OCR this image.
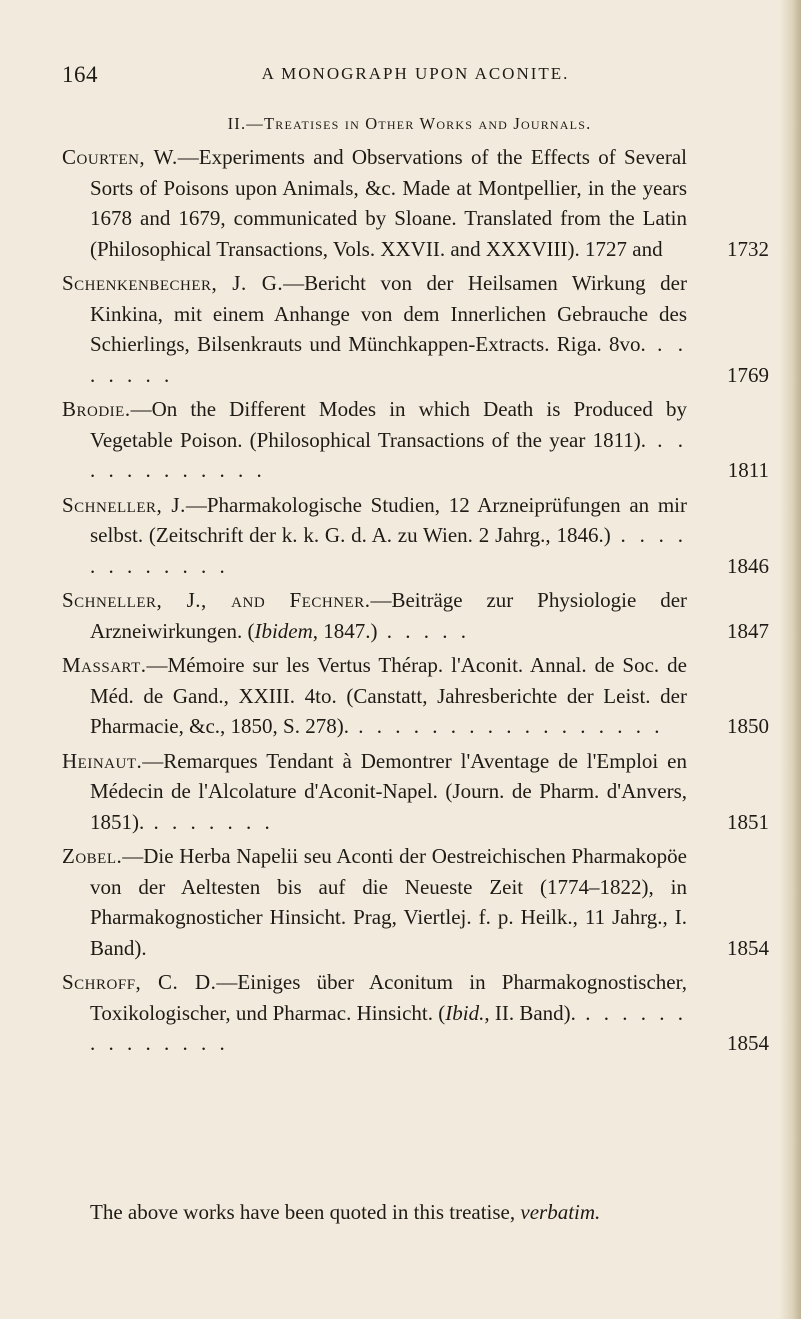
164	A MONOGRAPH UPON ACONITE.
II.—Treatises in Other Works and Journals.
Courten, W.—Experiments and Observations of the Effects of Several Sorts of Poisons upon Animals, &c. Made at Montpellier, in the years 1678 and 1679, communicated by Sloane. Translated from the Latin (Philosophical Transactions, Vols. XXVII. and XXXVIII). 1727 and	1732
Schenkenbecher, J. G.—Bericht von der Heilsamen Wirkung der Kinkina, mit einem Anhange von dem Innerlichen Gebrauche des Schierlings, Bilsenkrauts und Münchkappen-Extracts. Riga. 8vo. . . . . . . .	1769
Brodie.—On the Different Modes in which Death is Produced by Vegetable Poison. (Philosophical Transactions of the year 1811). . . . . . . . . . . . .	1811
Schneller, J.—Pharmakologische Studien, 12 Arzneiprüfungen an mir selbst. (Zeitschrift der k. k. G. d. A. zu Wien. 2 Jahrg., 1846.) . . . . . . . . . . . .	1846
Schneller, J., and Fechner.—Beiträge zur Physiologie der Arzneiwirkungen. (Ibidem, 1847.) . . . . .	1847
Massart.—Mémoire sur les Vertus Thérap. l'Aconit. Annal. de Soc. de Méd. de Gand., XXIII. 4to. (Canstatt, Jahresberichte der Leist. der Pharmacie, &c., 1850, S. 278). . . . . . . . . . . . . . . . . .	1850
Heinaut.—Remarques Tendant à Demontrer l'Aventage de l'Emploi en Médecin de l'Alcolature d'Aconit-Napel. (Journ. de Pharm. d'Anvers, 1851). . . . . . . .	1851
Zobel.—Die Herba Napelii seu Aconti der Oestreichischen Pharmakopöe von der Aeltesten bis auf die Neueste Zeit (1774–1822), in Pharmakognosticher Hinsicht. Prag, Viertlej. f. p. Heilk., 11 Jahrg., I. Band).	1854
Schroff, C. D.—Einiges über Aconitum in Pharmakognostischer, Toxikologischer, und Pharmac. Hinsicht. (Ibid., II. Band). . . . . . . . . . . . . . .	1854
The above works have been quoted in this treatise, verbatim.
